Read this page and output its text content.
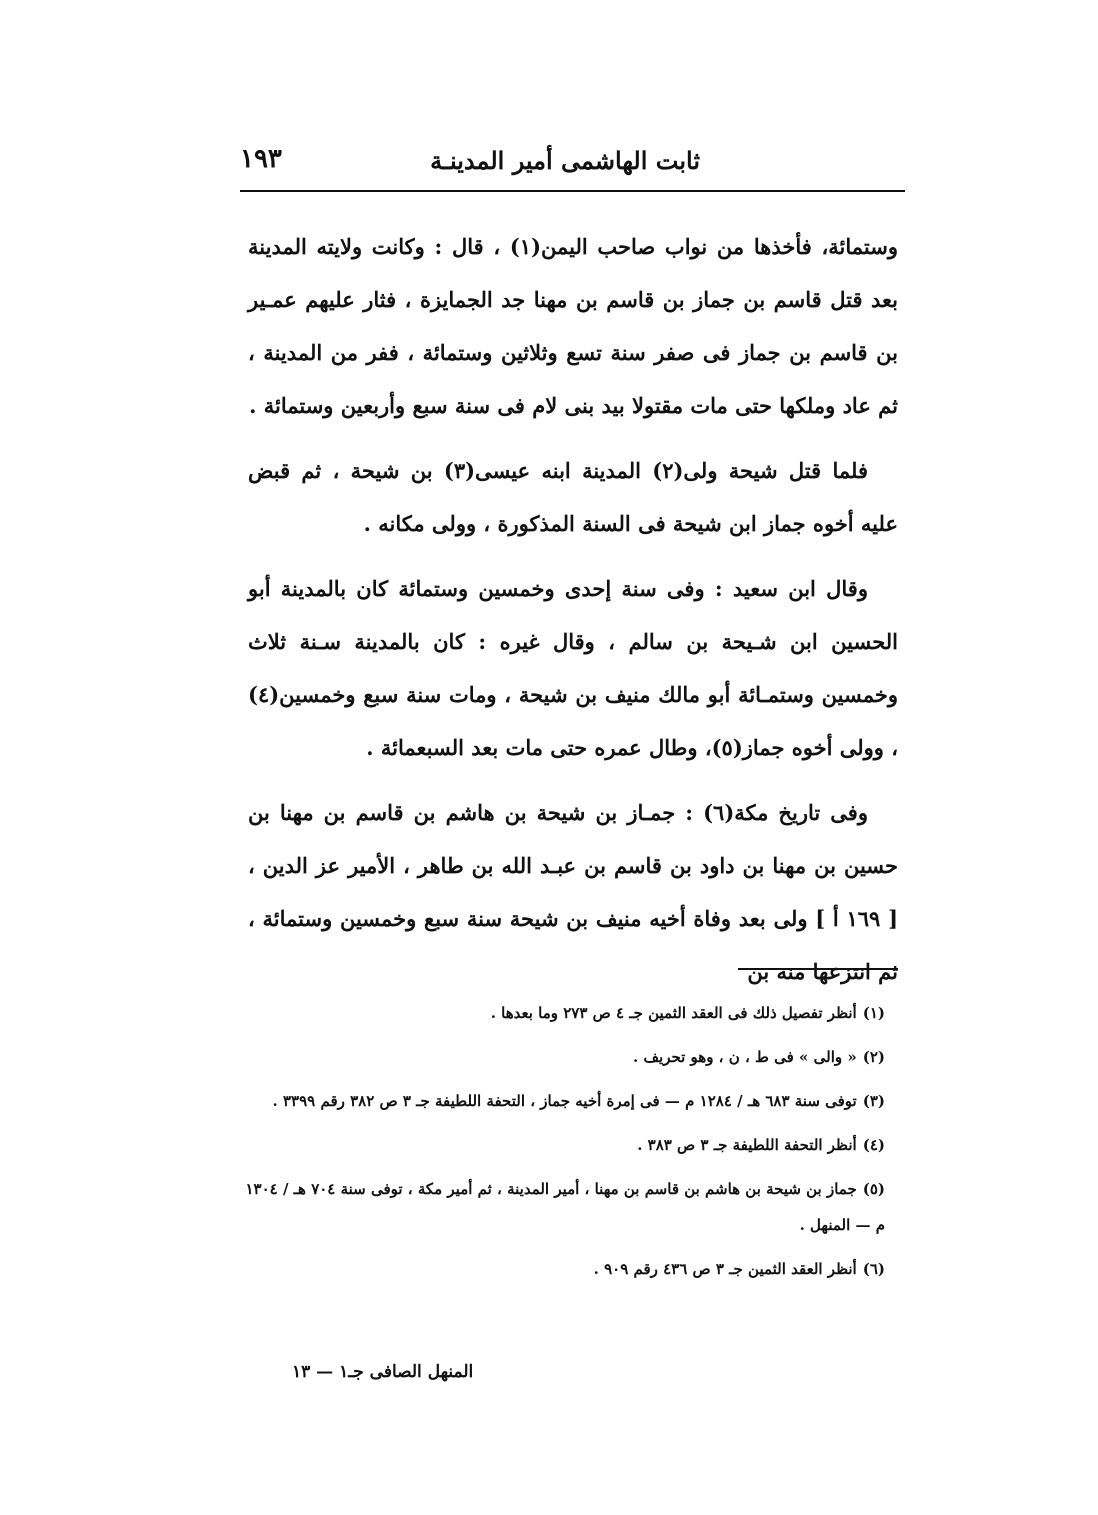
ثابت الهاشمى أمير المدينـة
١٩٣

وستمائة، فأخذها من نواب صاحب اليمن(١) ، قال : وكانت ولايته المدينة بعد قتل قاسم بن جماز بن قاسم بن مهنا جد الجمايزة ، فثار عليهم عمـير بن قاسم بن جماز فى صفر سنة تسع وثلاثين وستمائة ، ففر من المدينة ، ثم عاد وملكها حتى مات مقتولا بيد بنى لام فى سنة سبع وأربعين وستمائة .

فلما قتل شيحة ولى(٢) المدينة ابنه عيسى(٣) بن شيحة ، ثم قبض عليه أخوه جماز ابن شيحة فى السنة المذكورة ، وولى مكانه .

وقال ابن سعيد : وفى سنة إحدى وخمسين وستمائة كان بالمدينة أبو الحسين ابن شـيحة بن سالم ، وقال غيره : كان بالمدينة سـنة ثلاث وخمسين وستمـائة أبو مالك منيف بن شيحة ، ومات سنة سبع وخمسين(٤) ، وولى أخوه جماز(٥)، وطال عمره حتى مات بعد السبعمائة .

وفى تاريخ مكة(٦) : جمـاز بن شيحة بن هاشم بن قاسم بن مهنا بن حسين بن مهنا بن داود بن قاسم بن عبـد الله بن طاهر ، الأمير عز الدين ، [ ١٦٩ أ ] ولى بعد وفاة أخيه منيف بن شيحة سنة سبع وخمسين وستمائة ، ثم انتزعها منه بن

(١)أنظر تفصيل ذلك فى العقد الثمين جـ ٤ ص ٢٧٣ وما بعدها .
(٢)« والى » فى ط ، ن ، وهو تحريف .
(٣)توفى سنة ٦٨٣ هـ / ١٢٨٤ م — فى إمرة أخيه جماز ، التحفة اللطيفة جـ ٣ ص ٣٨٢ رقم ٣٣٩٩ .
(٤)أنظر التحفة اللطيفة جـ ٣ ص ٣٨٣ .
(٥)جماز بن شيحة بن هاشم بن قاسم بن مهنا ، أمير المدينة ، ثم أمير مكة ، توفى سنة ٧٠٤ هـ / ١٣٠٤ م — المنهل .
(٦)أنظر العقد الثمين جـ ٣ ص ٤٣٦ رقم ٩٠٩ .
المنهل الصافى جـ١ — ١٣
